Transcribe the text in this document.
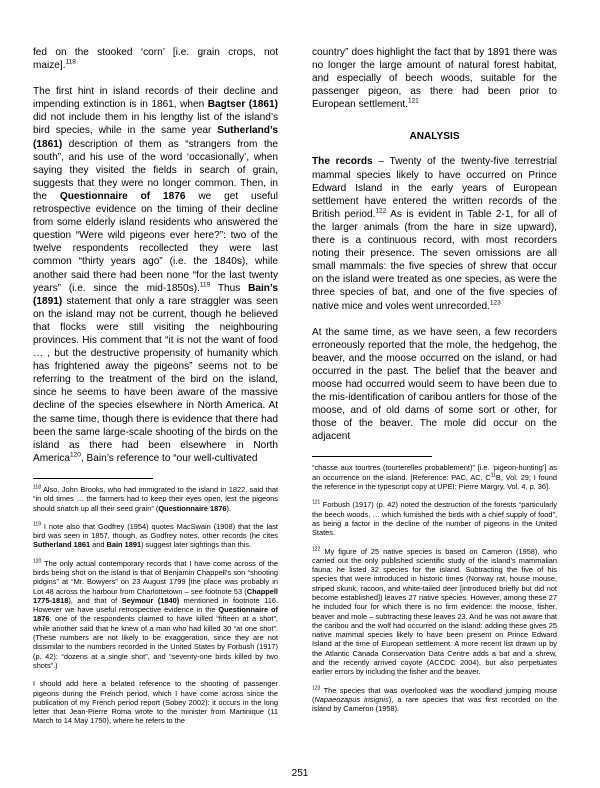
fed on the stooked ‘corn’ [i.e. grain crops, not maize].$^{118}$

The first hint in island records of their decline and impending extinction is in 1861, when Bagtser (1861) did not include them in his lengthy list of the island’s bird species, while in the same year Sutherland’s (1861) description of them as “strangers from the south”, and his use of the word ‘occasionally’, when saying they visited the fields in search of grain, suggests that they were no longer common. Then, in the Questionnaire of 1876 we get useful retrospective evidence on the timing of their decline from some elderly island residents who answered the question “Were wild pigeons ever here?”: two of the twelve respondents recollected they were last common “thirty years ago” (i.e. the 1840s), while another said there had been none “for the last twenty years” (i.e. since the mid-1850s).$^{119}$ Thus Bain’s (1891) statement that only a rare straggler was seen on the island may not be current, though he believed that flocks were still visiting the neighbouring provinces. His comment that “it is not the want of food … , but the destructive propensity of humanity which has frightened away the pigeons” seems not to be referring to the treatment of the bird on the island, since he seems to have been aware of the massive decline of the species elsewhere in North America. At the same time, though there is evidence that there had been the same large-scale shooting of the birds on the island as there had been elsewhere in North America$^{120}$, Bain’s reference to “our well-cultivated

$^{118}$ Also, John Brooks, who had immigrated to the island in 1822, said that “in old times … the farmers had to keep their eyes open, lest the pigeons should snatch up all their seed grain” (Questionnaire 1876).

$^{119}$ I note also that Godfrey (1954) quotes MacSwain (1908) that the last bird was seen in 1857, though, as Godfrey notes, other records (he cites Sutherland 1861 and Bain 1891) suggest later sightings than this.

$^{120}$ The only actual contemporary records that I have come across of the birds being shot on the island is that of Benjamin Chappell’s son “shooting pidgins” at “Mr. Bowyers” on 23 August 1799 [the place was probably in Lot 48 across the harbour from Charlottetown – see footnote 53 (Chappell 1775-1818), and that of Seymour (1840) mentioned in footnote 116. However we have useful retrospective evidence in the Questionnaire of 1876: one of the respondents claimed to have killed “fifteen at a shot”, while another said that he knew of a man who had killed 30 “at one shot”. (These numbers are not likely to be exaggeration, since they are not dissimilar to the numbers recorded in the United States by Forbush (1917) (p. 42): “dozens at a single shot”, and “seventy-one birds killed by two shots”.)

I should add here a belated reference to the shooting of passenger pigeons during the French period, which I have come across since the publication of my French period report (Sobey 2002): it occurs in the long letter that Jean-Pierre Roma wrote to the minister from Martinique (11 March to 14 May 1750), where he refers to the

country” does highlight the fact that by 1891 there was no longer the large amount of natural forest habitat, and especially of beech woods, suitable for the passenger pigeon, as there had been prior to European settlement.$^{121}$

ANALYSIS

The records – Twenty of the twenty-five terrestrial mammal species likely to have occurred on Prince Edward Island in the early years of European settlement have entered the written records of the British period.$^{122}$ As is evident in Table 2-1, for all of the larger animals (from the hare in size upward), there is a continuous record, with most recorders noting their presence. The seven omissions are all small mammals: the five species of shrew that occur on the island were treated as one species, as were the three species of bat, and one of the five species of native mice and voles went unrecorded.$^{123}$

At the same time, as we have seen, a few recorders erroneously reported that the mole, the hedgehog, the beaver, and the moose occurred on the island, or had occurred in the past. The belief that the beaver and moose had occurred would seem to have been due to the mis-identification of caribou antlers for those of the moose, and of old dams of some sort or other, for those of the beaver. The mole did occur on the adjacent

“chasse aux tourtres (tourterelles probablement)” [i.e. ‘pigeon-hunting’] as an occurrence on the island. [Reference: PAC, AC, $C^{11}B$, Vol. 29; I found the reference in the typescript copy at UPEI: Pierre Margry, Vol. 4, p. 36].

$^{121}$ Forbush (1917) (p. 42) noted the destruction of the forests “particularly the beech woods, … which furnished the birds with a chief supply of food”, as being a factor in the decline of the number of pigeons in the United States.

$^{122}$ My figure of 25 native species is based on Cameron (1958), who carried out the only published scientific study of the island’s mammalian fauna: he listed 32 species for the island. Subtracting the five of his species that were introduced in historic times (Norway rat, house mouse, striped skunk, racoon, and white-tailed deer [introduced briefly but did not become established]) leaves 27 native species. However, among these 27 he included four for which there is no firm evidence: the moose, fisher, beaver and mole – subtracting these leaves 23. And he was not aware that the caribou and the wolf had occurred on the island: adding these gives 25 native mammal species likely to have been present on Prince Edward Island at the time of European settlement. A more recent list drawn up by the Atlantic Canada Conservation Data Centre adds a bat and a shrew, and the recently arrived coyote (ACCDC 2004), but also perpetuates earlier errors by including the fisher and the beaver.

$^{123}$ The species that was overlooked was the woodland jumping mouse (Napaeozapus insignis), a rare species that was first recorded on the island by Cameron (1958).

251
